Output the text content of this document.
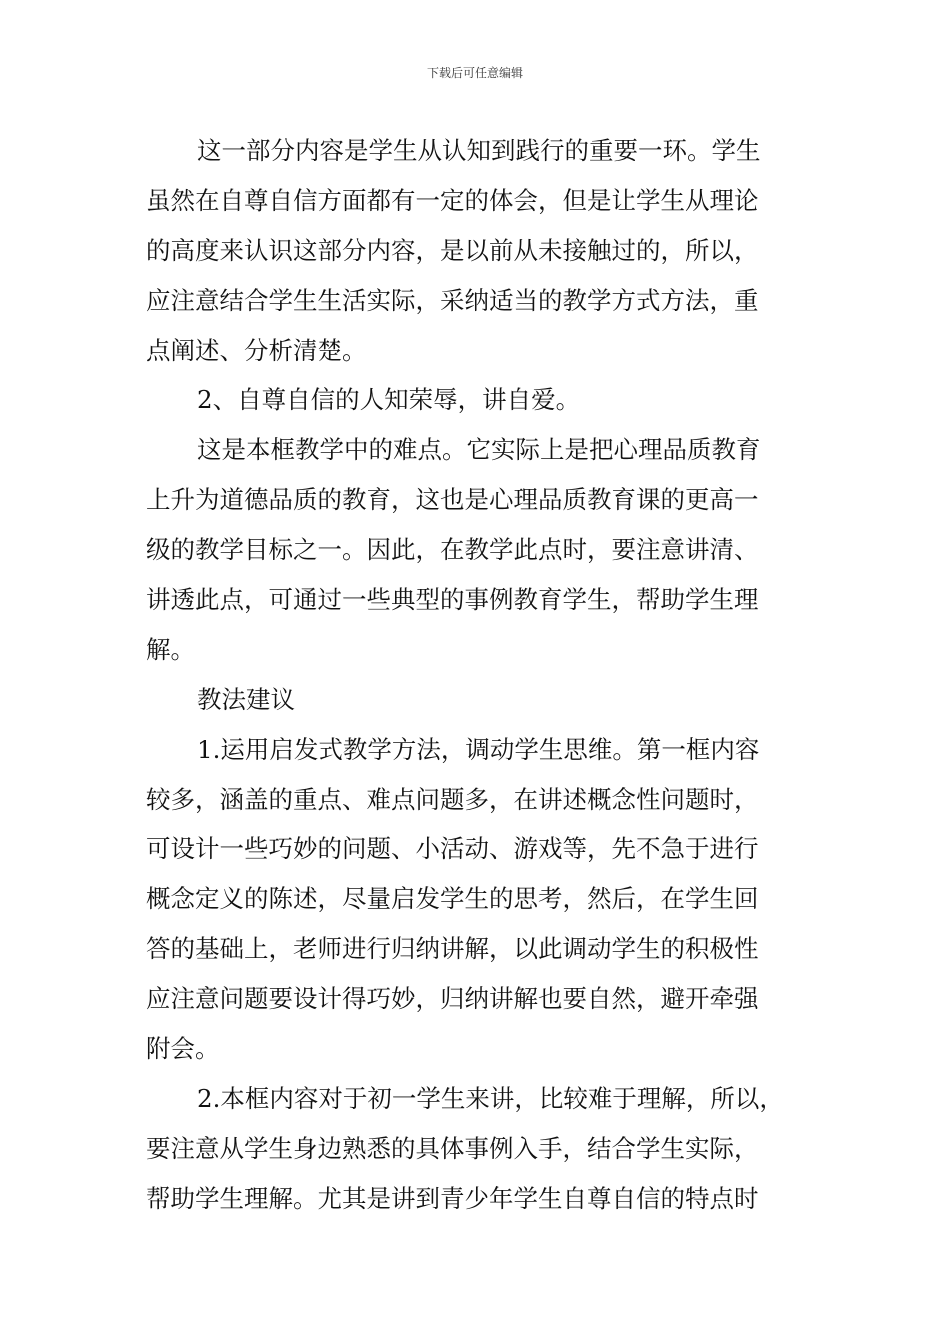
下载后可任意编辑
这一部分内容是学生从认知到践行的重要一环。学生
虽然在自尊自信方面都有一定的体会，但是让学生从理论
的高度来认识这部分内容，是以前从未接触过的，所以，
应注意结合学生生活实际，采纳适当的教学方式方法，重
点阐述、分析清楚。
2、自尊自信的人知荣辱，讲自爱。
这是本框教学中的难点。它实际上是把心理品质教育
上升为道德品质的教育，这也是心理品质教育课的更高一
级的教学目标之一。因此，在教学此点时，要注意讲清、
讲透此点，可通过一些典型的事例教育学生，帮助学生理
解。
教法建议
1.运用启发式教学方法，调动学生思维。第一框内容
较多，涵盖的重点、难点问题多，在讲述概念性问题时，
可设计一些巧妙的问题、小活动、游戏等，先不急于进行
概念定义的陈述，尽量启发学生的思考，然后，在学生回
答的基础上，老师进行归纳讲解，以此调动学生的积极性
应注意问题要设计得巧妙，归纳讲解也要自然，避开牵强
附会。
2.本框内容对于初一学生来讲，比较难于理解，所以，
要注意从学生身边熟悉的具体事例入手，结合学生实际，
帮助学生理解。尤其是讲到青少年学生自尊自信的特点时
